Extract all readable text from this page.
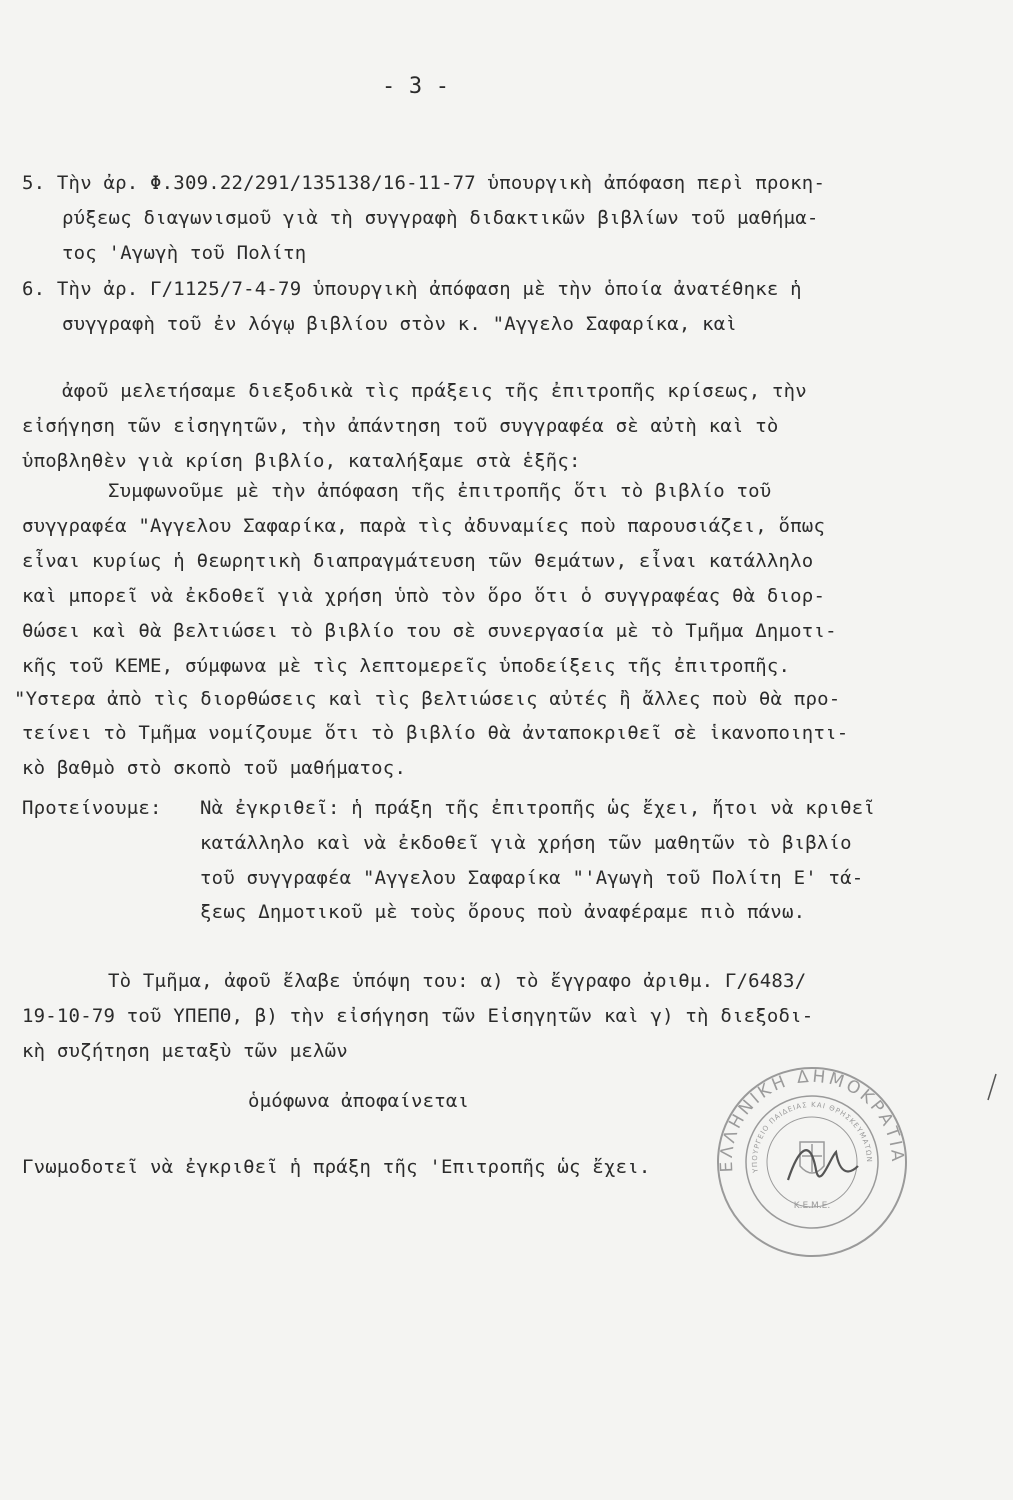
- 3 -
5. Τὴν ἀρ. Φ.309.22/291/135138/16-11-77 ὑπουργικὴ ἀπόφαση περὶ προκη-
ρύξεως διαγωνισμοῦ γιὰ τὴ συγγραφὴ διδακτικῶν βιβλίων τοῦ μαθήμα-
τος 'Αγωγὴ τοῦ Πολίτη
6. Τὴν ἀρ. Γ/1125/7-4-79 ὑπουργικὴ ἀπόφαση μὲ τὴν ὁποία ἀνατέθηκε ἡ
συγγραφὴ τοῦ ἐν λόγῳ βιβλίου στὸν κ. "Αγγελο Σαφαρίκα, καὶ
ἀφοῦ μελετήσαμε διεξοδικὰ τὶς πράξεις τῆς ἐπιτροπῆς κρίσεως, τὴν
εἰσήγηση τῶν εἰσηγητῶν, τὴν ἀπάντηση τοῦ συγγραφέα σὲ αὐτὴ καὶ τὸ
ὑποβληθὲν γιὰ κρίση βιβλίο, καταλήξαμε στὰ ἑξῆς:
Συμφωνοῦμε μὲ τὴν ἀπόφαση τῆς ἐπιτροπῆς ὅτι τὸ βιβλίο τοῦ
συγγραφέα "Αγγελου Σαφαρίκα, παρὰ τὶς ἀδυναμίες ποὺ παρουσιάζει, ὅπως
εἶναι κυρίως ἡ θεωρητικὴ διαπραγμάτευση τῶν θεμάτων, εἶναι κατάλληλο
καὶ μπορεῖ νὰ ἐκδοθεῖ γιὰ χρήση ὑπὸ τὸν ὅρο ὅτι ὁ συγγραφέας θὰ διορ-
θώσει καὶ θὰ βελτιώσει τὸ βιβλίο του σὲ συνεργασία μὲ τὸ Τμῆμα Δημοτι-
κῆς τοῦ ΚΕΜΕ, σύμφωνα μὲ τὶς λεπτομερεῖς ὑποδείξεις τῆς ἐπιτροπῆς.
"Υστερα ἀπὸ τὶς διορθώσεις καὶ τὶς βελτιώσεις αὐτές ἢ ἄλλες ποὺ θὰ προ-
τείνει τὸ Τμῆμα νομίζουμε ὅτι τὸ βιβλίο θὰ ἀνταποκριθεῖ σὲ ἱκανοποιητι-
κὸ βαθμὸ στὸ σκοπὸ τοῦ μαθήματος.
Προτείνουμε: Νὰ ἐγκριθεῖ: ἡ πράξη τῆς ἐπιτροπῆς ὡς ἔχει, ἤτοι νὰ κριθεῖ
κατάλληλο καὶ νὰ ἐκδοθεῖ γιὰ χρήση τῶν μαθητῶν τὸ βιβλίο
τοῦ συγγραφέα "Αγγελου Σαφαρίκα "'Αγωγὴ τοῦ Πολίτη Ε' τά-
ξεως Δημοτικοῦ μὲ τοὺς ὅρους ποὺ ἀναφέραμε πιὸ πάνω.
Τὸ Τμῆμα, ἀφοῦ ἔλαβε ὑπόψη του: α) τὸ ἔγγραφο ἀριθμ. Γ/6483/
19-10-79 τοῦ ΥΠΕΠΘ, β) τὴν εἰσήγηση τῶν Εἰσηγητῶν καὶ γ) τὴ διεξοδι-
κὴ συζήτηση μεταξὺ τῶν μελῶν
ὁμόφωνα ἀποφαίνεται
Γνωμοδοτεῖ νὰ ἐγκριθεῖ ἡ πράξη τῆς 'Επιτροπῆς ὡς ἔχει.	ΕΛΛΗΝΙΚΗ ΔΗΜΟΚΡΑΤΙΑ
ΥΠΟΥΡΓΕΙΟ ΠΑΙΔΕΙΑΣ ΚΑΙ ΘΡΗΣΚΕΥΜΑΤΩΝ
Κ.Ε.Μ.Ε.
